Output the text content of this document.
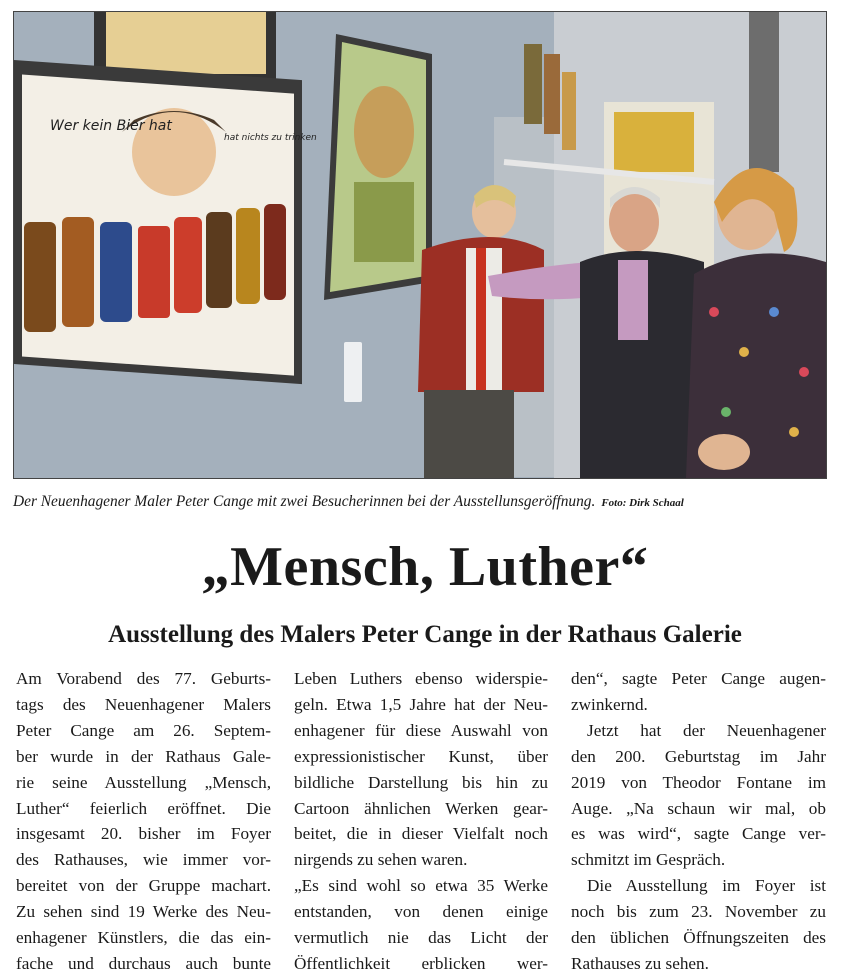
Wer kein Bier hat
hat nichts zu trinken
Der Neuenhagener Maler Peter Cange mit zwei Besucherinnen bei der Ausstellunsgeröffnung. Foto: Dirk Schaal
„Mensch, Luther“
Ausstellung des Malers Peter Cange in der Rathaus Galerie

Am Vorabend des 77. Geburts-
tags des Neuenhagener Malers
Peter Cange am 26. Septem-
ber wurde in der Rathaus Gale-
rie seine Ausstellung „Mensch,
Luther“ feierlich eröffnet. Die
insgesamt 20. bisher im Foyer
des Rathauses, wie immer vor-
bereitet von der Gruppe machart.
Zu sehen sind 19 Werke des Neu-
enhagener Künstlers, die das ein-
fache und durchaus auch bunte

Leben Luthers ebenso widerspie-
geln. Etwa 1,5 Jahre hat der Neu-
enhagener für diese Auswahl von
expressionistischer Kunst, über
bildliche Darstellung bis hin zu
Cartoon ähnlichen Werken gear-
beitet, die in dieser Vielfalt noch
nirgends zu sehen waren.

„Es sind wohl so etwa 35 Werke
entstanden, von denen einige
vermutlich nie das Licht der
Öffentlichkeit erblicken wer-

den“, sagte Peter Cange augen-
zwinkernd.

Jetzt hat der Neuenhagener
den 200. Geburtstag im Jahr
2019 von Theodor Fontane im
Auge. „Na schaun wir mal, ob
es was wird“, sagte Cange ver-
schmitzt im Gespräch.

Die Ausstellung im Foyer ist
noch bis zum 23. November zu
den üblichen Öffnungszeiten des
Rathauses zu sehen.
